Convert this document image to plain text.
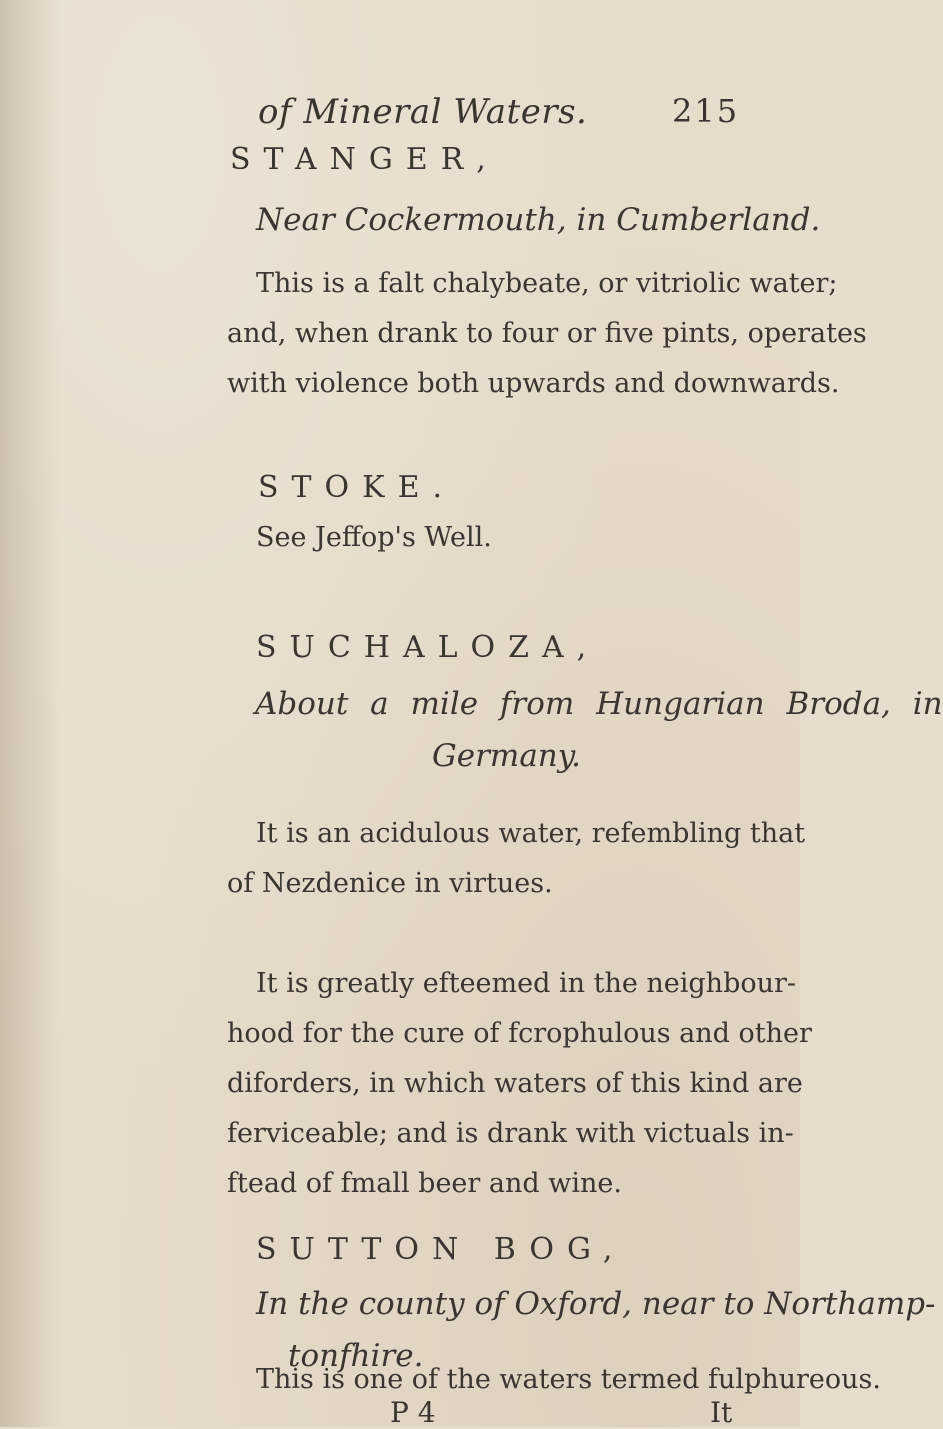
of Mineral Waters.	215
STANGER,
Near Cockermouth, in Cumberland.
This is a falt chalybeate, or vitriolic water;
and, when drank to four or five pints, operates
with violence both upwards and downwards.
STOKE.
See Jeffop's Well.
SUCHALOZA,
About a mile from Hungarian Broda, in
Germany.
It is an acidulous water, refembling that
of Nezdenice in virtues.
It is greatly efteemed in the neighbour-
hood for the cure of fcrophulous and other
diforders, in which waters of this kind are
ferviceable; and is drank with victuals in-
ftead of fmall beer and wine.
SUTTON BOG,
In the county of Oxford, near to Northamp-
tonfhire.
This is one of the waters termed fulphureous.
P 4	It
